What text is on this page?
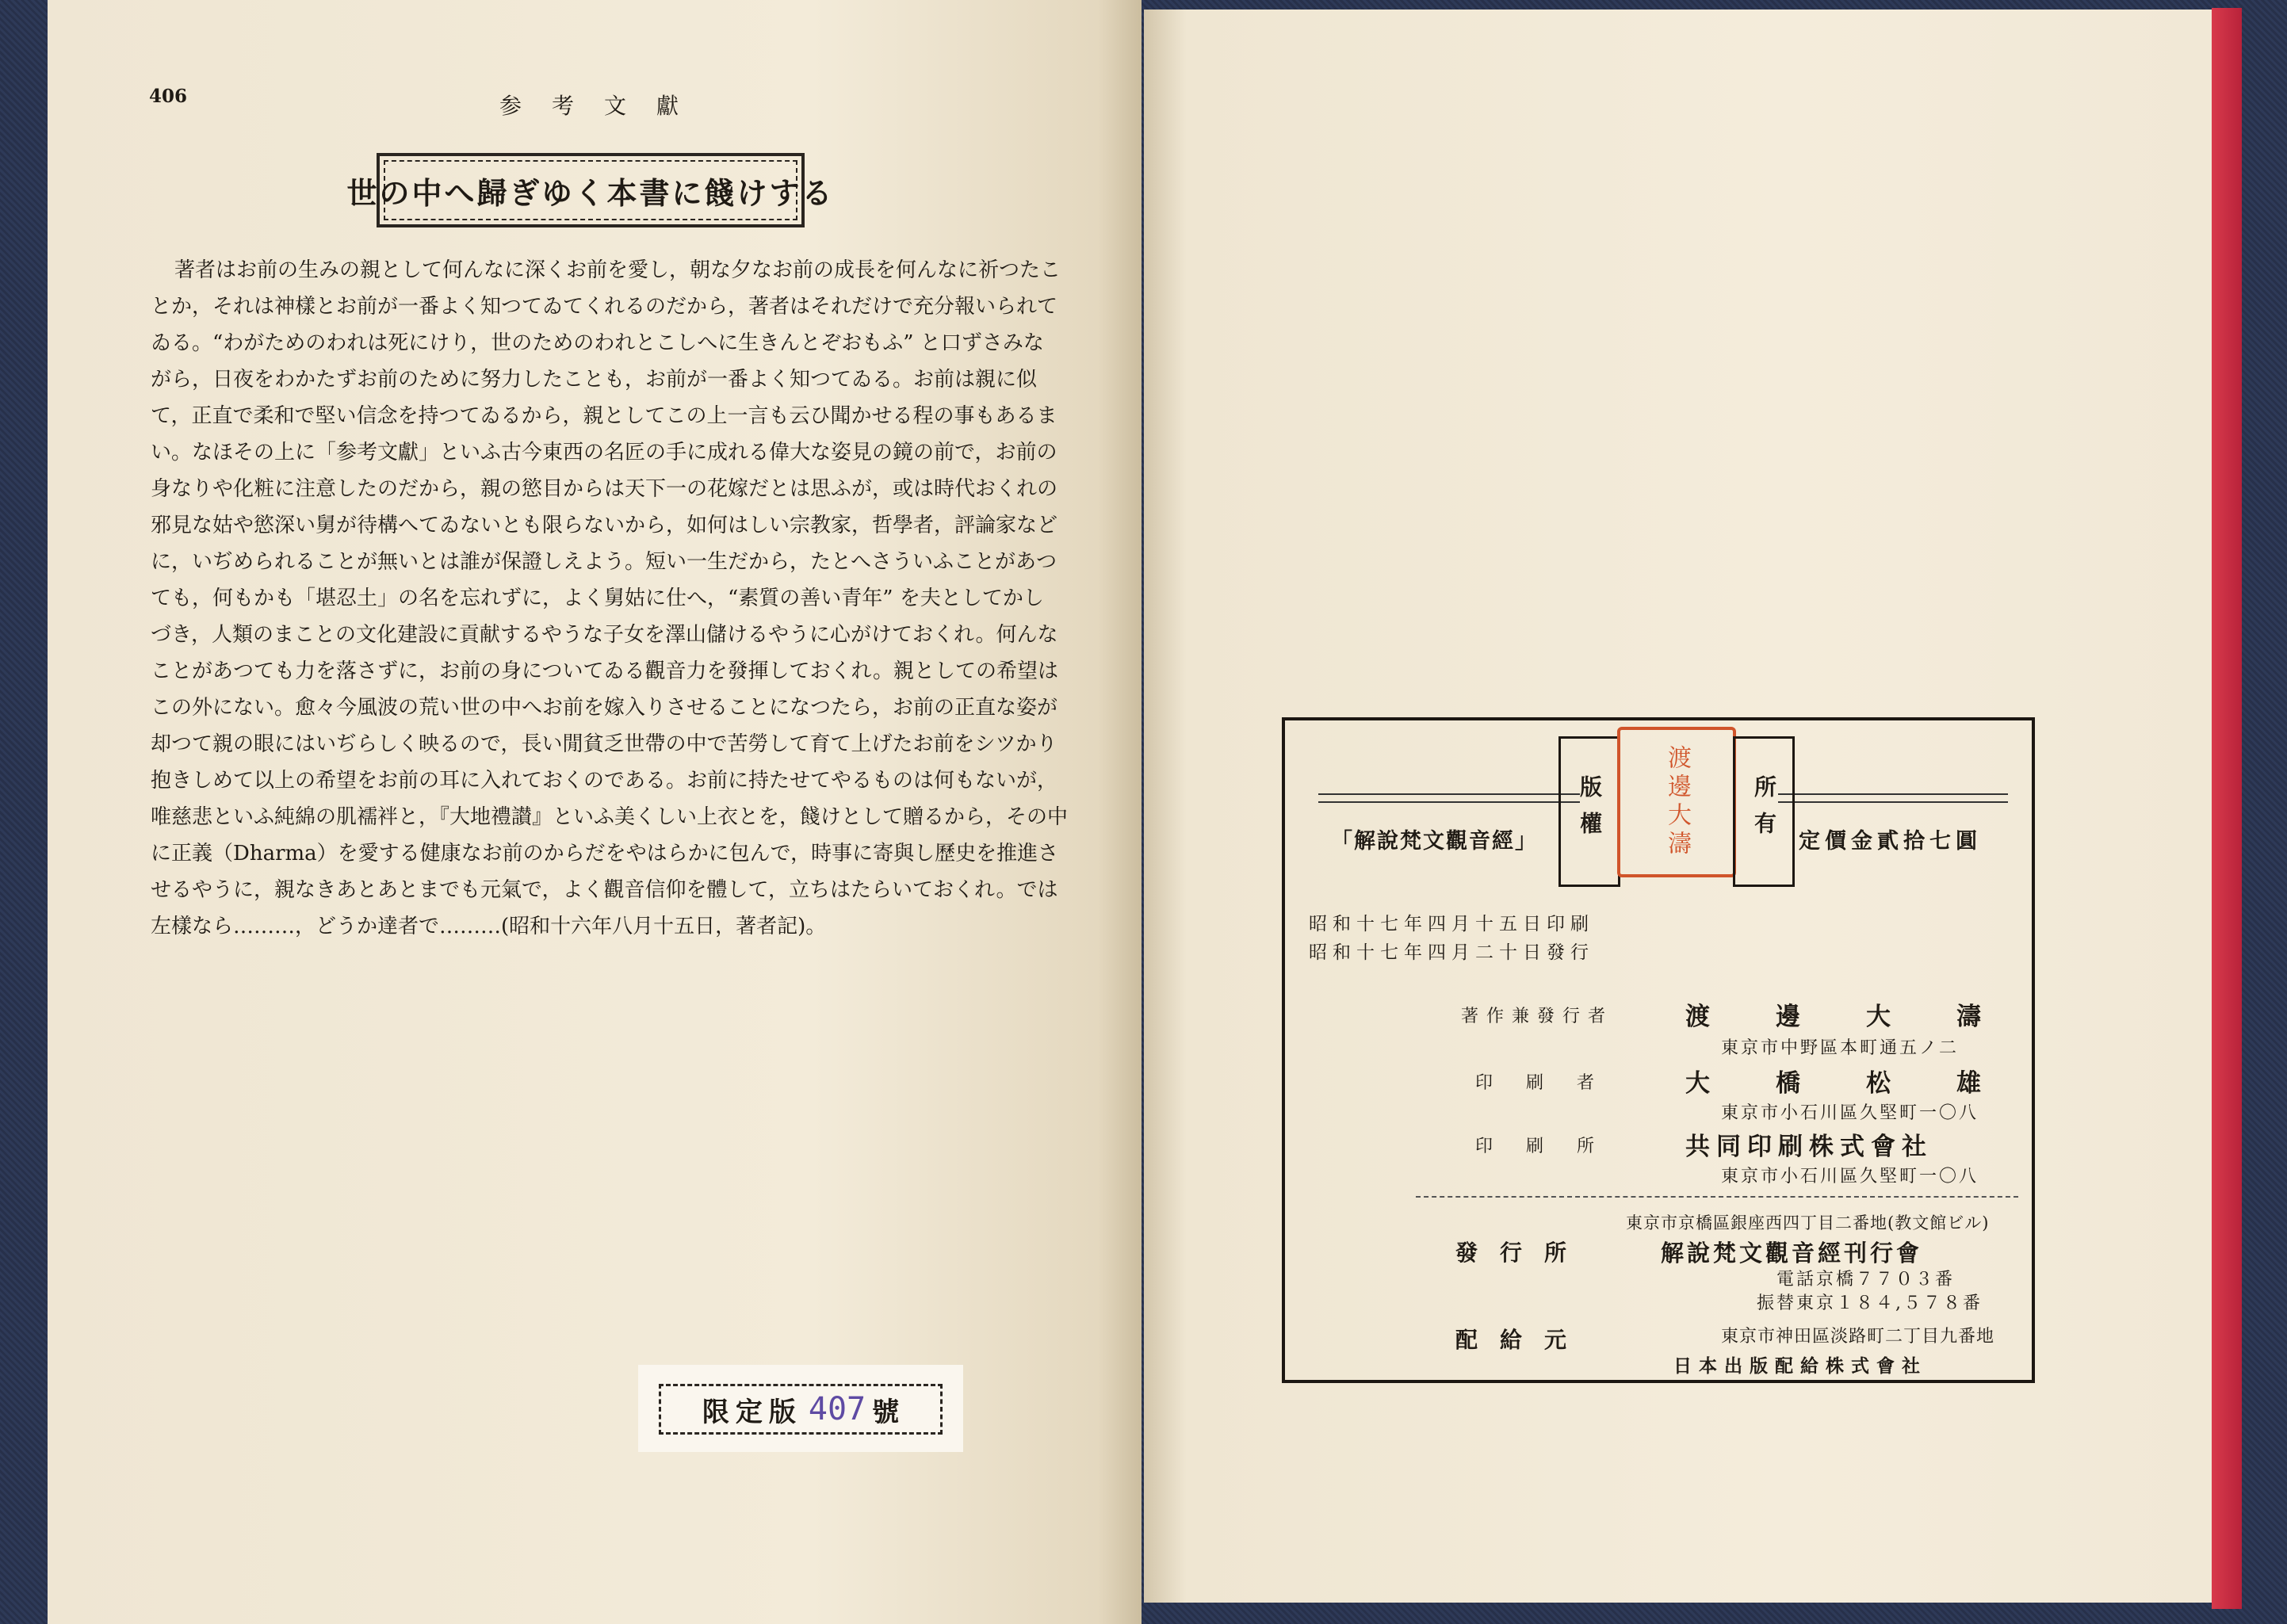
406	参考文獻
世の中へ歸ぎゆく本書に餞けする
著者はお前の生みの親として何んなに深くお前を愛し，朝な夕なお前の成長を何んなに祈つたこ
とか，それは神樣とお前が一番よく知つてゐてくれるのだから，著者はそれだけで充分報いられて
ゐる。“わがためのわれは死にけり，世のためのわれとこしへに生きんとぞおもふ” と口ずさみな
がら，日夜をわかたずお前のために努力したことも，お前が一番よく知つてゐる。お前は親に似
て，正直で柔和で堅い信念を持つてゐるから，親としてこの上一言も云ひ聞かせる程の事もあるま
い。なほその上に「参考文獻」といふ古今東西の名匠の手に成れる偉大な姿見の鏡の前で，お前の
身なりや化粧に注意したのだから，親の慾目からは天下一の花嫁だとは思ふが，或は時代おくれの
邪見な姑や慾深い舅が待構へてゐないとも限らないから，如何はしい宗教家，哲學者，評論家など
に，いぢめられることが無いとは誰が保證しえよう。短い一生だから，たとへさういふことがあつ
ても，何もかも「堪忍土」の名を忘れずに，よく舅姑に仕へ，“素質の善い青年” を夫としてかし
づき，人類のまことの文化建設に貢献するやうな子女を澤山儲けるやうに心がけておくれ。何んな
ことがあつても力を落さずに，お前の身についてゐる觀音力を發揮しておくれ。親としての希望は
この外にない。愈々今風波の荒い世の中へお前を嫁入りさせることになつたら，お前の正直な姿が
却つて親の眼にはいぢらしく映るので，長い閒貧乏世帶の中で苦勞して育て上げたお前をシツかり
抱きしめて以上の希望をお前の耳に入れておくのである。お前に持たせてやるものは何もないが，
唯慈悲といふ純綿の肌襦袢と，『大地禮讃』といふ美くしい上衣とを，餞けとして贈るから，その中
に正義（Dharma）を愛する健康なお前のからだをやはらかに包んで，時事に寄與し歷史を推進さ
せるやうに，親なきあとあとまでも元氣で，よく觀音信仰を體して，立ちはたらいておくれ。では
左樣なら………，どうか達者で………(昭和十六年八月十五日，著者記)。
限定版 407 號
「解說梵文觀音經」	定價金貳拾七圓
版權	渡邊大濤	所有
昭和十七年四月十五日印刷
昭和十七年四月二十日發行
著作兼發行者	渡　邊　大　濤
東京市中野區本町通五ノ二
印　刷　者	大　橋　松　雄
東京市小石川區久堅町一〇八
印　刷　所	共同印刷株式會社
東京市小石川區久堅町一〇八
東京市京橋區銀座西四丁目二番地(教文館ビル)
發行所	解說梵文觀音經刊行會
電話京橋７７０３番
振替東京１８４,５７８番
配給元	東京市神田區淡路町二丁目九番地
日本出版配給株式會社
